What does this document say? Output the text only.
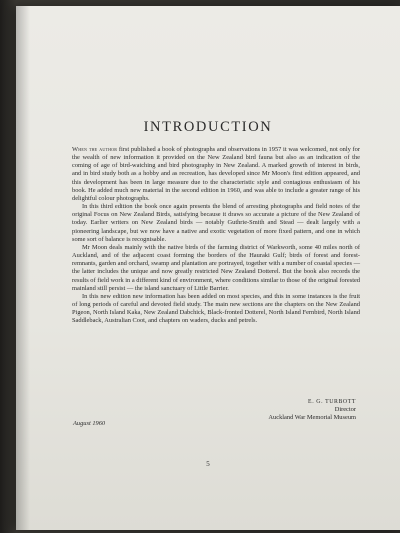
INTRODUCTION

When the author first published a book of photographs and observations in 1957 it was welcomed, not only for the wealth of new information it provided on the New Zealand bird fauna but also as an indication of the coming of age of bird-watching and bird photography in New Zealand. A marked growth of interest in birds, and in bird study both as a hobby and as recreation, has developed since Mr Moon's first edition appeared, and this development has been in large measure due to the characteristic style and contagious enthusiasm of his book. He added much new material in the second edition in 1960, and was able to include a greater range of his delightful colour photographs.

In this third edition the book once again presents the blend of arresting photographs and field notes of the original Focus on New Zealand Birds, satisfying because it draws so accurate a picture of the New Zealand of today. Earlier writers on New Zealand birds — notably Guthrie-Smith and Stead — dealt largely with a pioneering landscape, but we now have a native and exotic vegetation of more fixed pattern, and one in which some sort of balance is recognisable.

Mr Moon deals mainly with the native birds of the farming district of Warkworth, some 40 miles north of Auckland, and of the adjacent coast forming the borders of the Hauraki Gulf; birds of forest and forest-remnants, garden and orchard, swamp and plantation are portrayed, together with a number of coastal species — the latter includes the unique and now greatly restricted New Zealand Dotterel. But the book also records the results of field work in a different kind of environment, where conditions similar to those of the original forested mainland still persist — the island sanctuary of Little Barrier.

In this new edition new information has been added on most species, and this in some instances is the fruit of long periods of careful and devoted field study. The main new sections are the chapters on the New Zealand Pigeon, North Island Kaka, New Zealand Dabchick, Black-fronted Dotterel, North Island Fernbird, North Island Saddleback, Australian Coot, and chapters on waders, ducks and petrels.

E. G. TURBOTT
Director
Auckland War Memorial Museum
August 1960
5
